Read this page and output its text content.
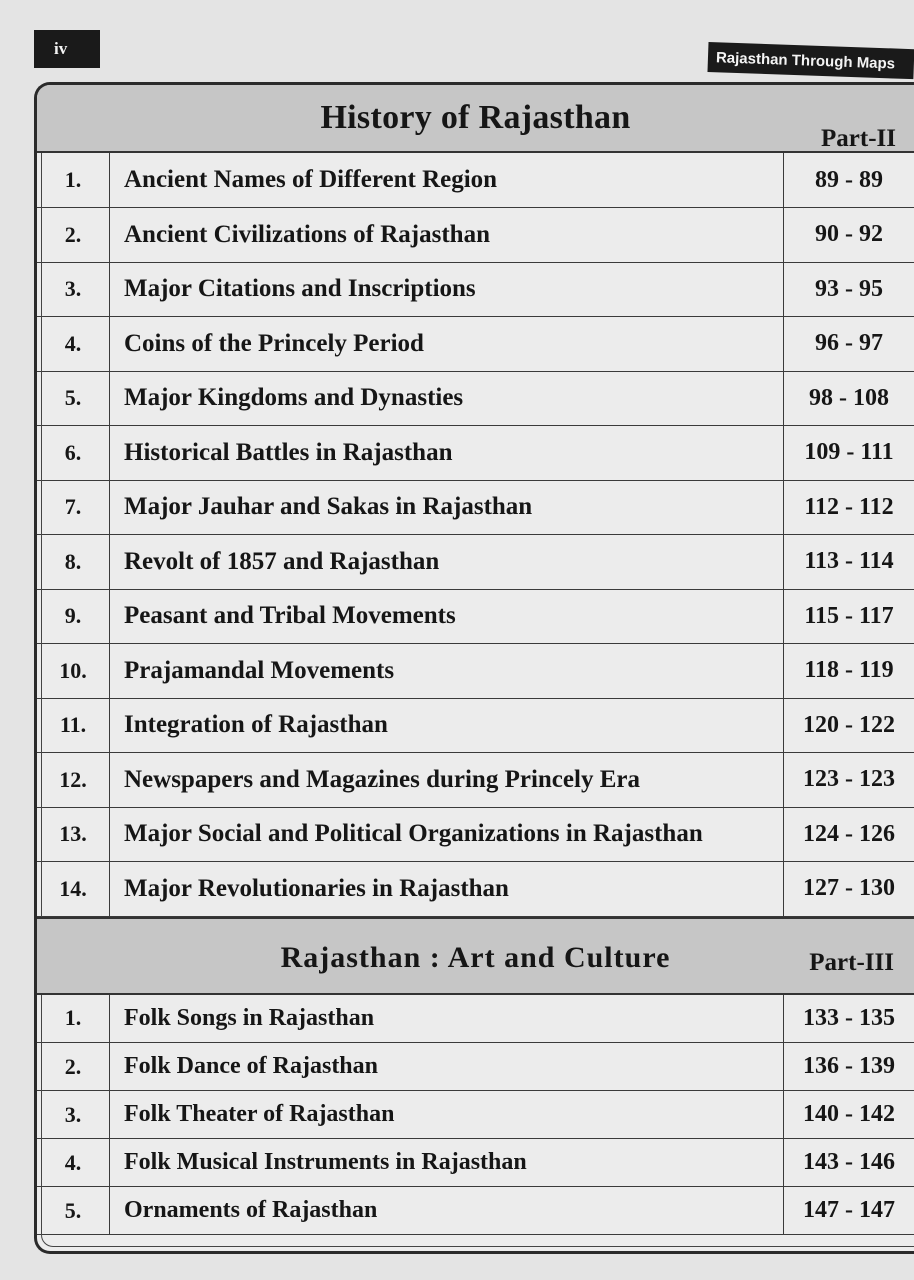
iv
Rajasthan Through Maps
History of Rajasthan
Part-II
1.	Ancient Names of Different Region	89 - 89
2.	Ancient Civilizations of Rajasthan	90 - 92
3.	Major Citations and Inscriptions	93 - 95
4.	Coins of the Princely Period	96 - 97
5.	Major Kingdoms and Dynasties	98 - 108
6.	Historical Battles in Rajasthan	109 - 111
7.	Major Jauhar and Sakas in Rajasthan	112 - 112
8.	Revolt of 1857 and Rajasthan	113 - 114
9.	Peasant and Tribal Movements	115 - 117
10.	Prajamandal Movements	118 - 119
11.	Integration of Rajasthan	120 - 122
12.	Newspapers and Magazines during Princely Era	123 - 123
13.	Major Social and Political Organizations in Rajasthan	124 - 126
14.	Major Revolutionaries in Rajasthan	127 - 130
Rajasthan : Art and Culture	Part-III
1.	Folk Songs in Rajasthan	133 - 135
2.	Folk Dance of Rajasthan	136 - 139
3.	Folk Theater of Rajasthan	140 - 142
4.	Folk Musical Instruments in Rajasthan	143 - 146
5.	Ornaments of Rajasthan	147 - 147
